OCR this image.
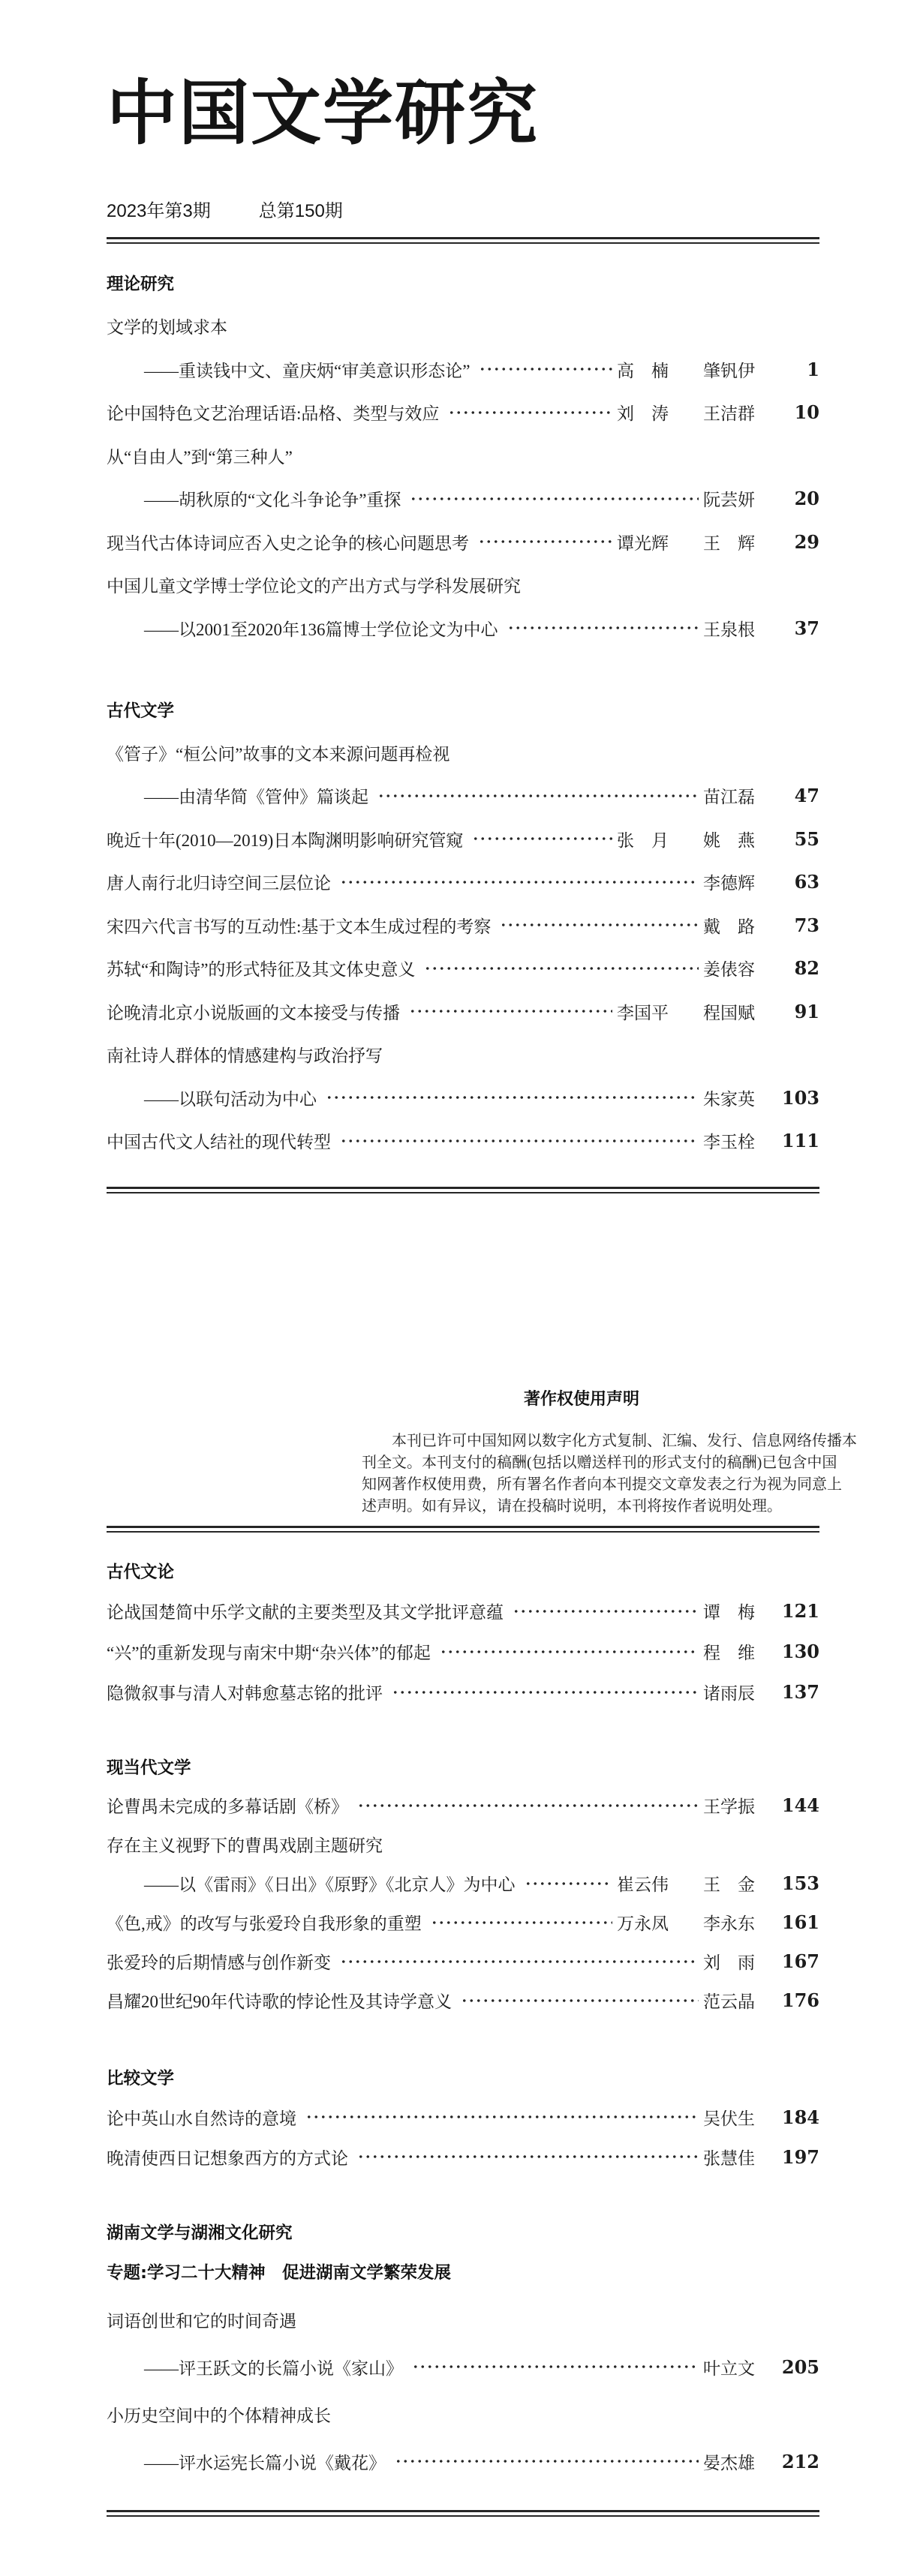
中国文学研究
2023年第3期	总第150期
理论研究
文学的划域求本
——重读钱中文、童庆炳“审美意识形态论”	高　楠　　肇钒伊	1
论中国特色文艺治理话语:品格、类型与效应	刘　涛　　王洁群	10
从“自由人”到“第三种人”
——胡秋原的“文化斗争论争”重探	阮芸妍	20
现当代古体诗词应否入史之论争的核心问题思考	谭光辉　　王　辉	29
中国儿童文学博士学位论文的产出方式与学科发展研究
——以2001至2020年136篇博士学位论文为中心	王泉根	37
古代文学
《管子》“桓公问”故事的文本来源问题再检视
——由清华简《管仲》篇谈起	苗江磊	47
晚近十年(2010—2019)日本陶渊明影响研究管窥	张　月　　姚　燕	55
唐人南行北归诗空间三层位论	李德辉	63
宋四六代言书写的互动性:基于文本生成过程的考察	戴　路	73
苏轼“和陶诗”的形式特征及其文体史意义	姜俵容	82
论晚清北京小说版画的文本接受与传播	李国平　　程国赋	91
南社诗人群体的情感建构与政治抒写
——以联句活动为中心	朱家英	103
中国古代文人结社的现代转型	李玉栓	111
著作权使用声明
本刊已许可中国知网以数字化方式复制、汇编、发行、信息网络传播本
刊全文。本刊支付的稿酬(包括以赠送样刊的形式支付的稿酬)已包含中国
知网著作权使用费，所有署名作者向本刊提交文章发表之行为视为同意上
述声明。如有异议，请在投稿时说明，本刊将按作者说明处理。
古代文论
论战国楚简中乐学文献的主要类型及其文学批评意蕴	谭　梅	121
“兴”的重新发现与南宋中期“杂兴体”的郁起	程　维	130
隐微叙事与清人对韩愈墓志铭的批评	诸雨辰	137
现当代文学
论曹禺未完成的多幕话剧《桥》	王学振	144
存在主义视野下的曹禺戏剧主题研究
——以《雷雨》《日出》《原野》《北京人》为中心	崔云伟　　王　金	153
《色,戒》的改写与张爱玲自我形象的重塑	万永凤　　李永东	161
张爱玲的后期情感与创作新变	刘　雨	167
昌耀20世纪90年代诗歌的悖论性及其诗学意义	范云晶	176
比较文学
论中英山水自然诗的意境	吴伏生	184
晚清使西日记想象西方的方式论	张慧佳	197
湖南文学与湖湘文化研究
专题:学习二十大精神　促进湖南文学繁荣发展
词语创世和它的时间奇遇
——评王跃文的长篇小说《家山》	叶立文	205
小历史空间中的个体精神成长
——评水运宪长篇小说《戴花》	晏杰雄	212
